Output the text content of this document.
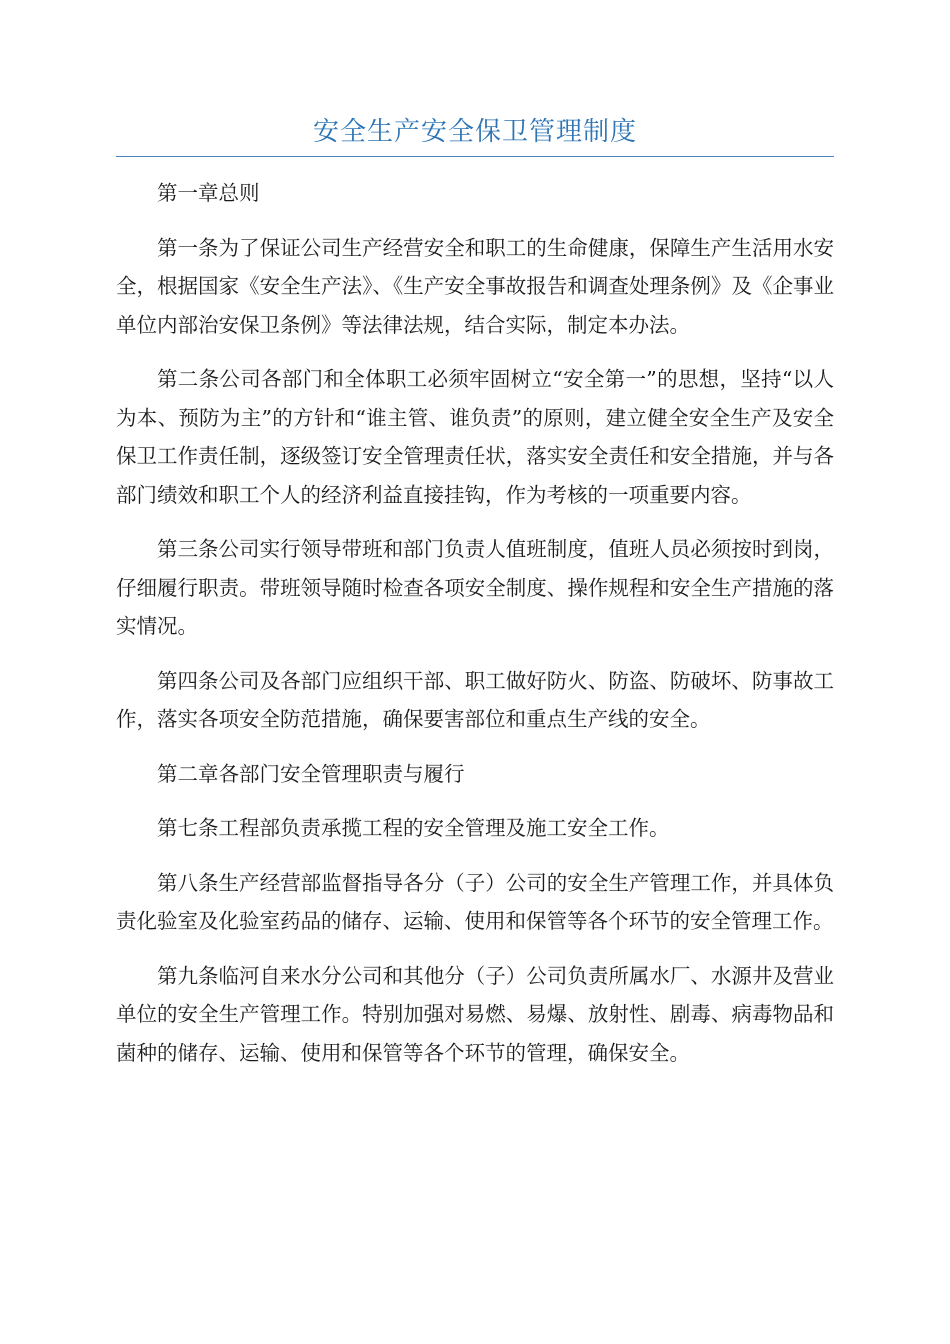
安全生产安全保卫管理制度

第一章总则

第一条为了保证公司生产经营安全和职工的生命健康，保障生产生活用水安全，根据国家《安全生产法》、《生产安全事故报告和调查处理条例》及《企事业单位内部治安保卫条例》等法律法规，结合实际，制定本办法。

第二条公司各部门和全体职工必须牢固树立“安全第一”的思想，坚持“以人为本、预防为主”的方针和“谁主管、谁负责”的原则，建立健全安全生产及安全保卫工作责任制，逐级签订安全管理责任状，落实安全责任和安全措施，并与各部门绩效和职工个人的经济利益直接挂钩，作为考核的一项重要内容。

第三条公司实行领导带班和部门负责人值班制度，值班人员必须按时到岗，仔细履行职责。带班领导随时检查各项安全制度、操作规程和安全生产措施的落实情况。

第四条公司及各部门应组织干部、职工做好防火、防盗、防破坏、防事故工作，落实各项安全防范措施，确保要害部位和重点生产线的安全。

第二章各部门安全管理职责与履行

第七条工程部负责承揽工程的安全管理及施工安全工作。

第八条生产经营部监督指导各分（子）公司的安全生产管理工作，并具体负责化验室及化验室药品的储存、运输、使用和保管等各个环节的安全管理工作。

第九条临河自来水分公司和其他分（子）公司负责所属水厂、水源井及营业单位的安全生产管理工作。特别加强对易燃、易爆、放射性、剧毒、病毒物品和菌种的储存、运输、使用和保管等各个环节的管理，确保安全。
